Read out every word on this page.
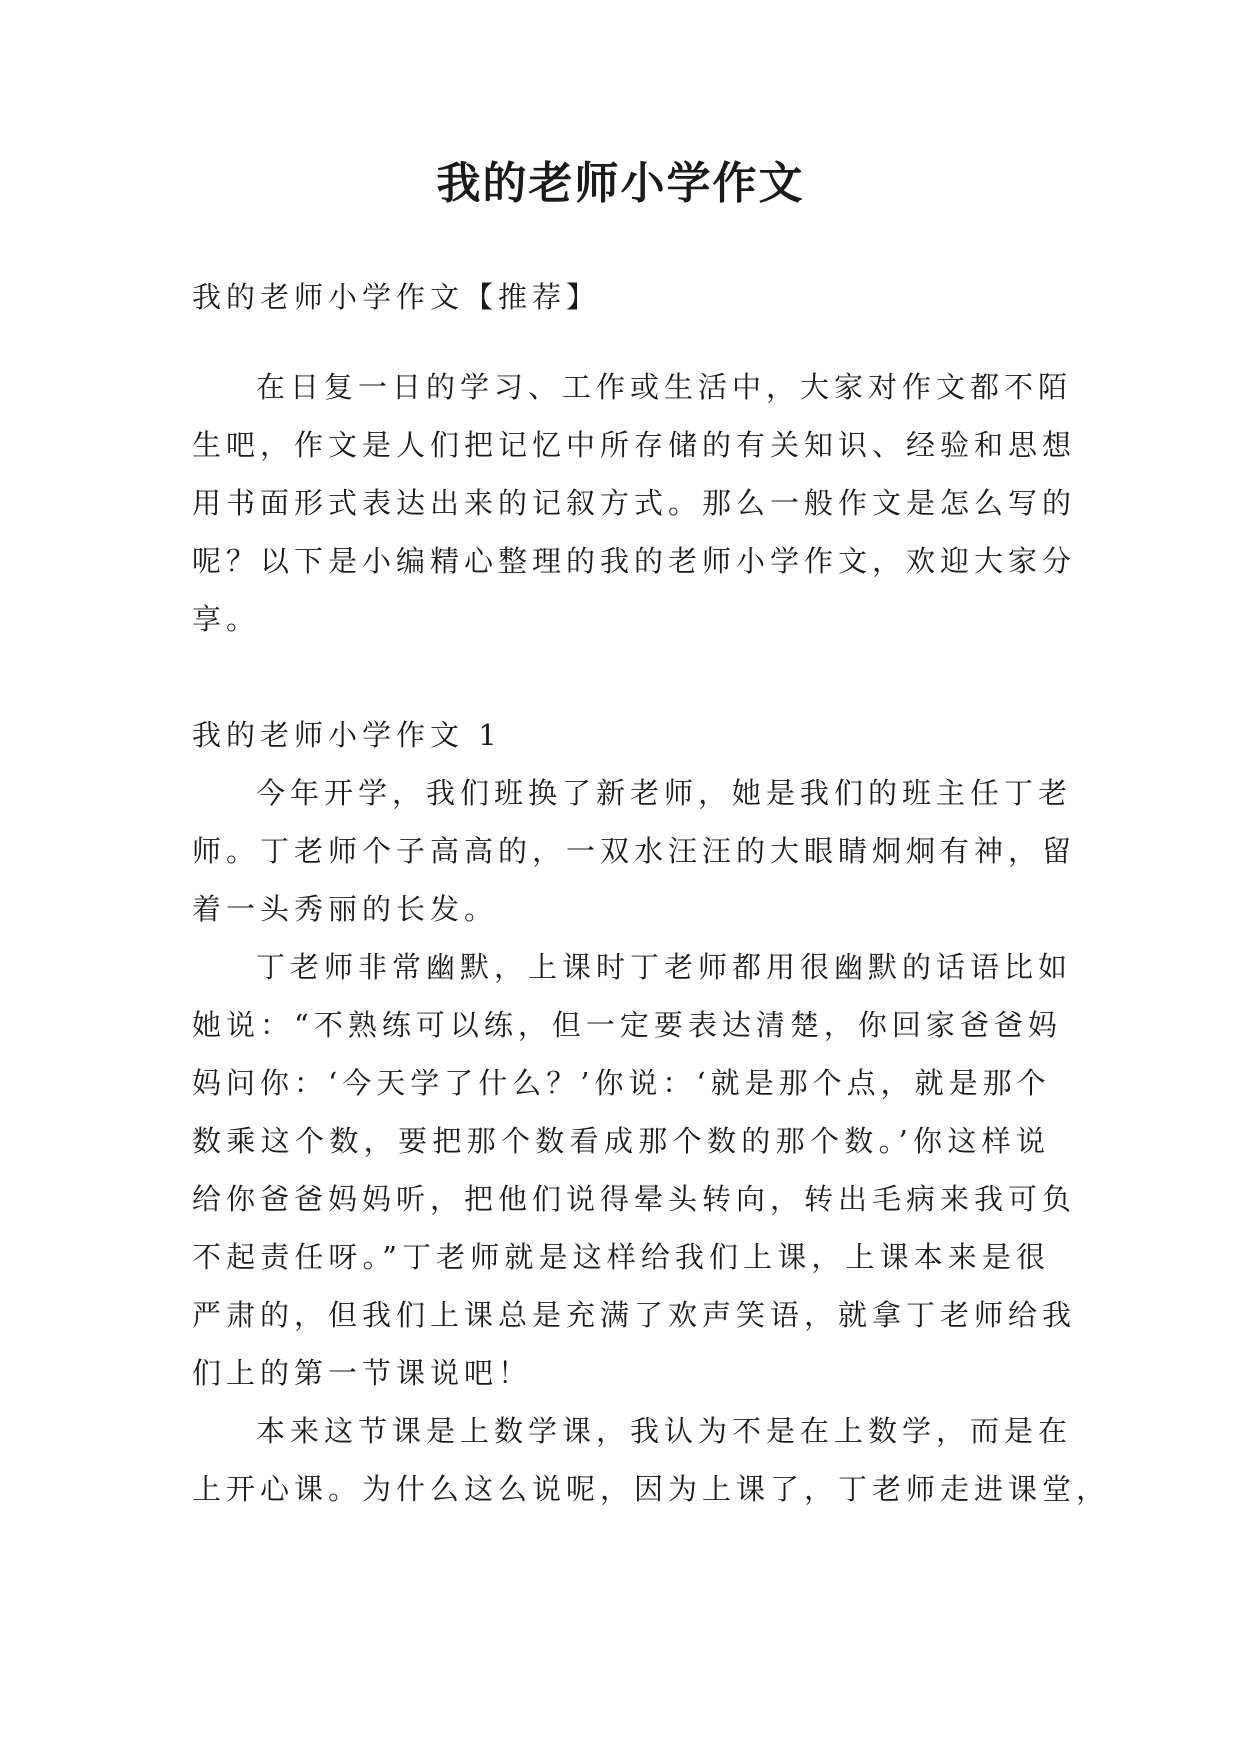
我的老师小学作文
我的老师小学作文【推荐】
在日复一日的学习、工作或生活中，大家对作文都不陌
生吧，作文是人们把记忆中所存储的有关知识、经验和思想
用书面形式表达出来的记叙方式。那么一般作文是怎么写的
呢？以下是小编精心整理的我的老师小学作文，欢迎大家分
享。
我的老师小学作文 1
今年开学，我们班换了新老师，她是我们的班主任丁老
师。丁老师个子高高的，一双水汪汪的大眼睛炯炯有神，留
着一头秀丽的长发。
丁老师非常幽默，上课时丁老师都用很幽默的话语比如
她说：“不熟练可以练，但一定要表达清楚，你回家爸爸妈
妈问你：‘今天学了什么？’你说：‘就是那个点，就是那个
数乘这个数，要把那个数看成那个数的那个数。’你这样说
给你爸爸妈妈听，把他们说得晕头转向，转出毛病来我可负
不起责任呀。”丁老师就是这样给我们上课，上课本来是很
严肃的，但我们上课总是充满了欢声笑语，就拿丁老师给我
们上的第一节课说吧！
本来这节课是上数学课，我认为不是在上数学，而是在
上开心课。为什么这么说呢，因为上课了，丁老师走进课堂，
